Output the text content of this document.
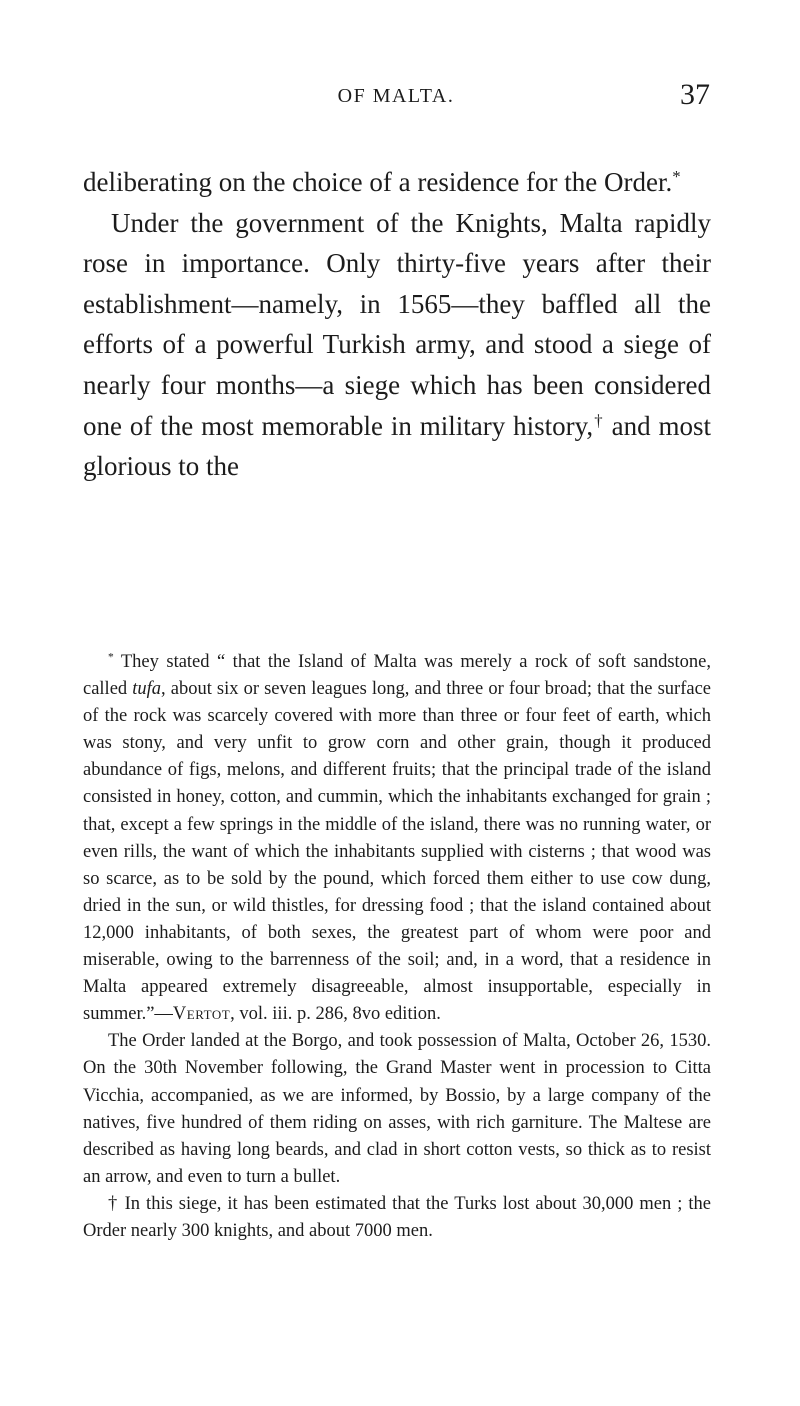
OF MALTA.	37

deliberating on the choice of a residence for the Order.*

Under the government of the Knights, Malta rapidly rose in importance. Only thirty-five years after their establishment—namely, in 1565—they baffled all the efforts of a powerful Turkish army, and stood a siege of nearly four months—a siege which has been considered one of the most memorable in military history,† and most glorious to the

* They stated “ that the Island of Malta was merely a rock of soft sandstone, called tufa, about six or seven leagues long, and three or four broad; that the surface of the rock was scarcely covered with more than three or four feet of earth, which was stony, and very unfit to grow corn and other grain, though it produced abundance of figs, melons, and different fruits; that the principal trade of the island consisted in honey, cotton, and cummin, which the inhabitants exchanged for grain ; that, except a few springs in the middle of the island, there was no running water, or even rills, the want of which the inhabitants supplied with cisterns ; that wood was so scarce, as to be sold by the pound, which forced them either to use cow dung, dried in the sun, or wild thistles, for dressing food ; that the island contained about 12,000 inhabitants, of both sexes, the greatest part of whom were poor and miserable, owing to the barrenness of the soil; and, in a word, that a residence in Malta appeared extremely disagreeable, almost insupportable, especially in summer.”—Vertot, vol. iii. p. 286, 8vo edition.

The Order landed at the Borgo, and took possession of Malta, October 26, 1530. On the 30th November following, the Grand Master went in procession to Citta Vicchia, accompanied, as we are informed, by Bossio, by a large company of the natives, five hundred of them riding on asses, with rich garniture. The Maltese are described as having long beards, and clad in short cotton vests, so thick as to resist an arrow, and even to turn a bullet.

† In this siege, it has been estimated that the Turks lost about 30,000 men ; the Order nearly 300 knights, and about 7000 men.
